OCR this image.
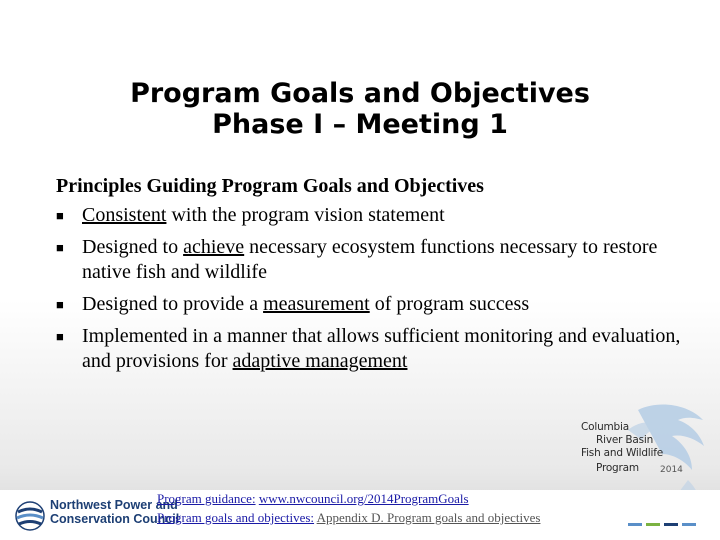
Program Goals and Objectives
Phase I – Meeting 1
Principles Guiding Program Goals and Objectives
■ Consistent with the program vision statement
■ Designed to achieve necessary ecosystem functions necessary to restore native fish and wildlife
■ Designed to provide a measurement of program success
■ Implemented in a manner that allows sufficient monitoring and evaluation, and provisions for adaptive management
Columbia
River Basin
Fish and Wildlife
Program 2014
Northwest Power and
Conservation Council
Program guidance: www.nwcouncil.org/2014ProgramGoals
Program goals and objectives: Appendix D. Program goals and objectives
